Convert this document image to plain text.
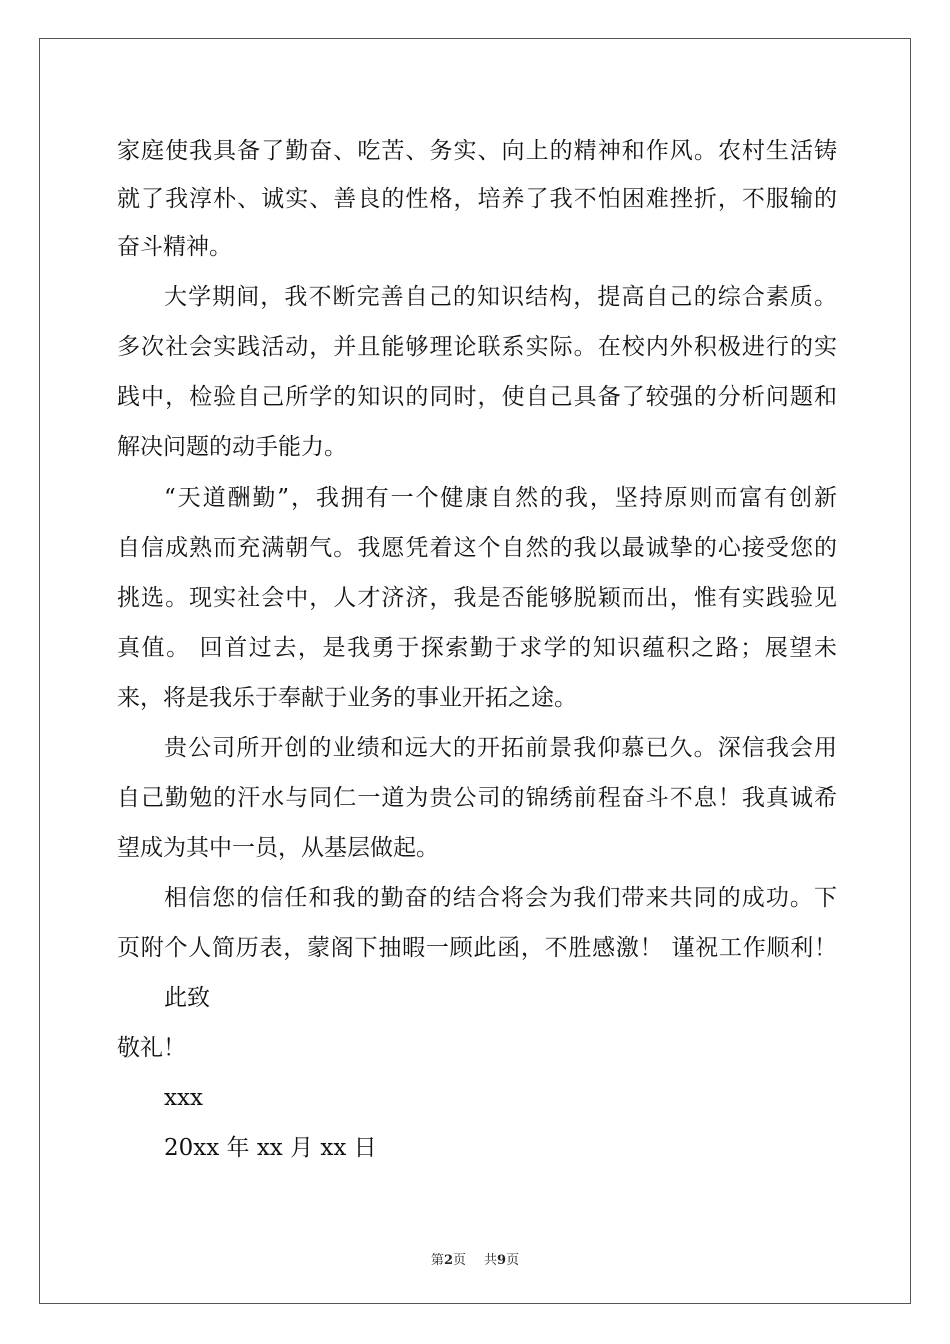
家庭使我具备了勤奋、吃苦、务实、向上的精神和作风。农村生活铸
就了我淳朴、诚实、善良的性格，培养了我不怕困难挫折，不服输的
奋斗精神。
大学期间，我不断完善自己的知识结构，提高自己的综合素质。
多次社会实践活动，并且能够理论联系实际。在校内外积极进行的实
践中，检验自己所学的知识的同时，使自己具备了较强的分析问题和
解决问题的动手能力。
“天道酬勤”，我拥有一个健康自然的我，坚持原则而富有创新
自信成熟而充满朝气。我愿凭着这个自然的我以最诚挚的心接受您的
挑选。现实社会中，人才济济，我是否能够脱颖而出，惟有实践验见
真值。 回首过去，是我勇于探索勤于求学的知识蕴积之路；展望未
来，将是我乐于奉献于业务的事业开拓之途。
贵公司所开创的业绩和远大的开拓前景我仰慕已久。深信我会用
自己勤勉的汗水与同仁一道为贵公司的锦绣前程奋斗不息！我真诚希
望成为其中一员，从基层做起。
相信您的信任和我的勤奋的结合将会为我们带来共同的成功。下
页附个人简历表，蒙阁下抽暇一顾此函，不胜感激！ 谨祝工作顺利！
此致
敬礼！
xxx
20xx 年 xx 月 xx 日
第2页 共9页
